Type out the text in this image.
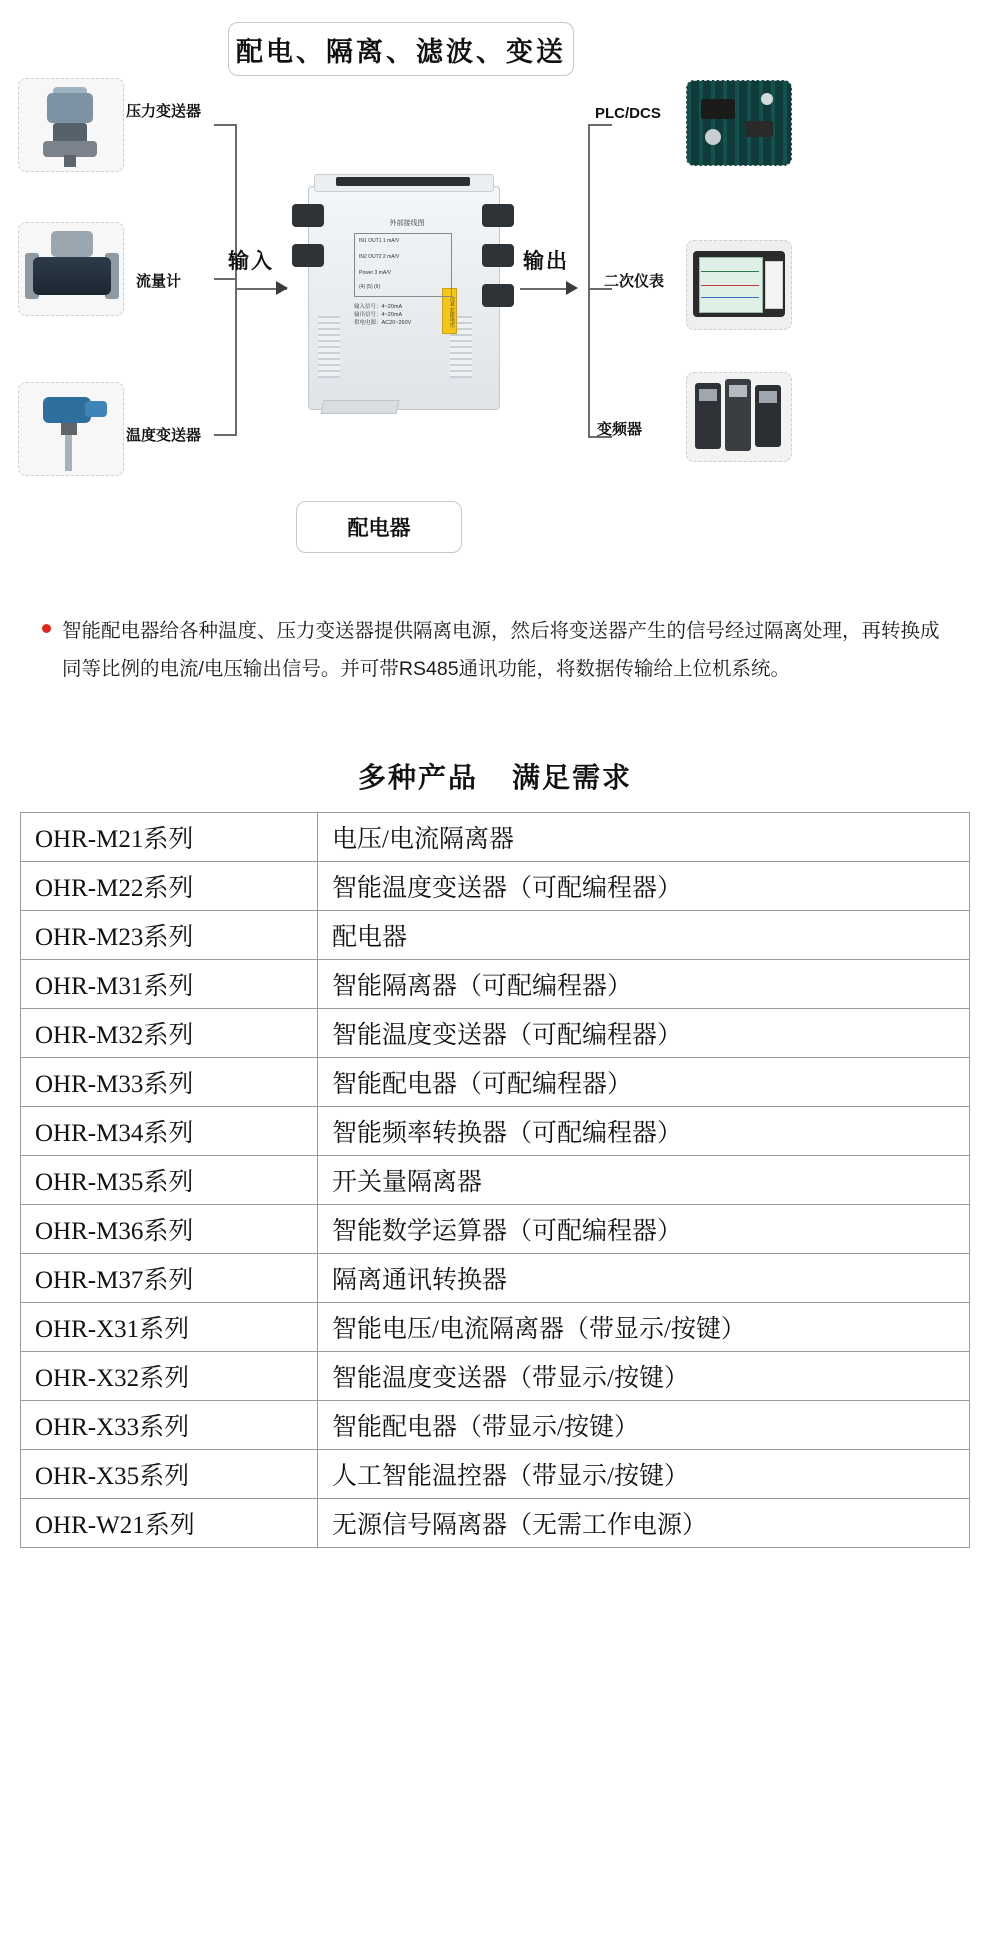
配电、隔离、滤波、变送
压力变送器
流量计
温度变送器
输入
注意 危险电压
外部接线图
IN1 OUT1 1 mA/V
IN2 OUT2 2 mA/V
Power 3 mA/V
(4) (5) (6)
输入信号：4~20mA
输出信号：4~20mA
供电电源：AC20~260V
输出
PLC/DCS
二次仪表
变频器
配电器

智能配电器给各种温度、压力变送器提供隔离电源，然后将变送器产生的信号经过隔离处理，再转换成同等比例的电流/电压输出信号。并可带RS485通讯功能，将数据传输给上位机系统。

多种产品 满足需求
OHR-M21系列	电压/电流隔离器
OHR-M22系列	智能温度变送器（可配编程器）
OHR-M23系列	配电器
OHR-M31系列	智能隔离器（可配编程器）
OHR-M32系列	智能温度变送器（可配编程器）
OHR-M33系列	智能配电器（可配编程器）
OHR-M34系列	智能频率转换器（可配编程器）
OHR-M35系列	开关量隔离器
OHR-M36系列	智能数学运算器（可配编程器）
OHR-M37系列	隔离通讯转换器
OHR-X31系列	智能电压/电流隔离器（带显示/按键）
OHR-X32系列	智能温度变送器（带显示/按键）
OHR-X33系列	智能配电器（带显示/按键）
OHR-X35系列	人工智能温控器（带显示/按键）
OHR-W21系列	无源信号隔离器（无需工作电源）
